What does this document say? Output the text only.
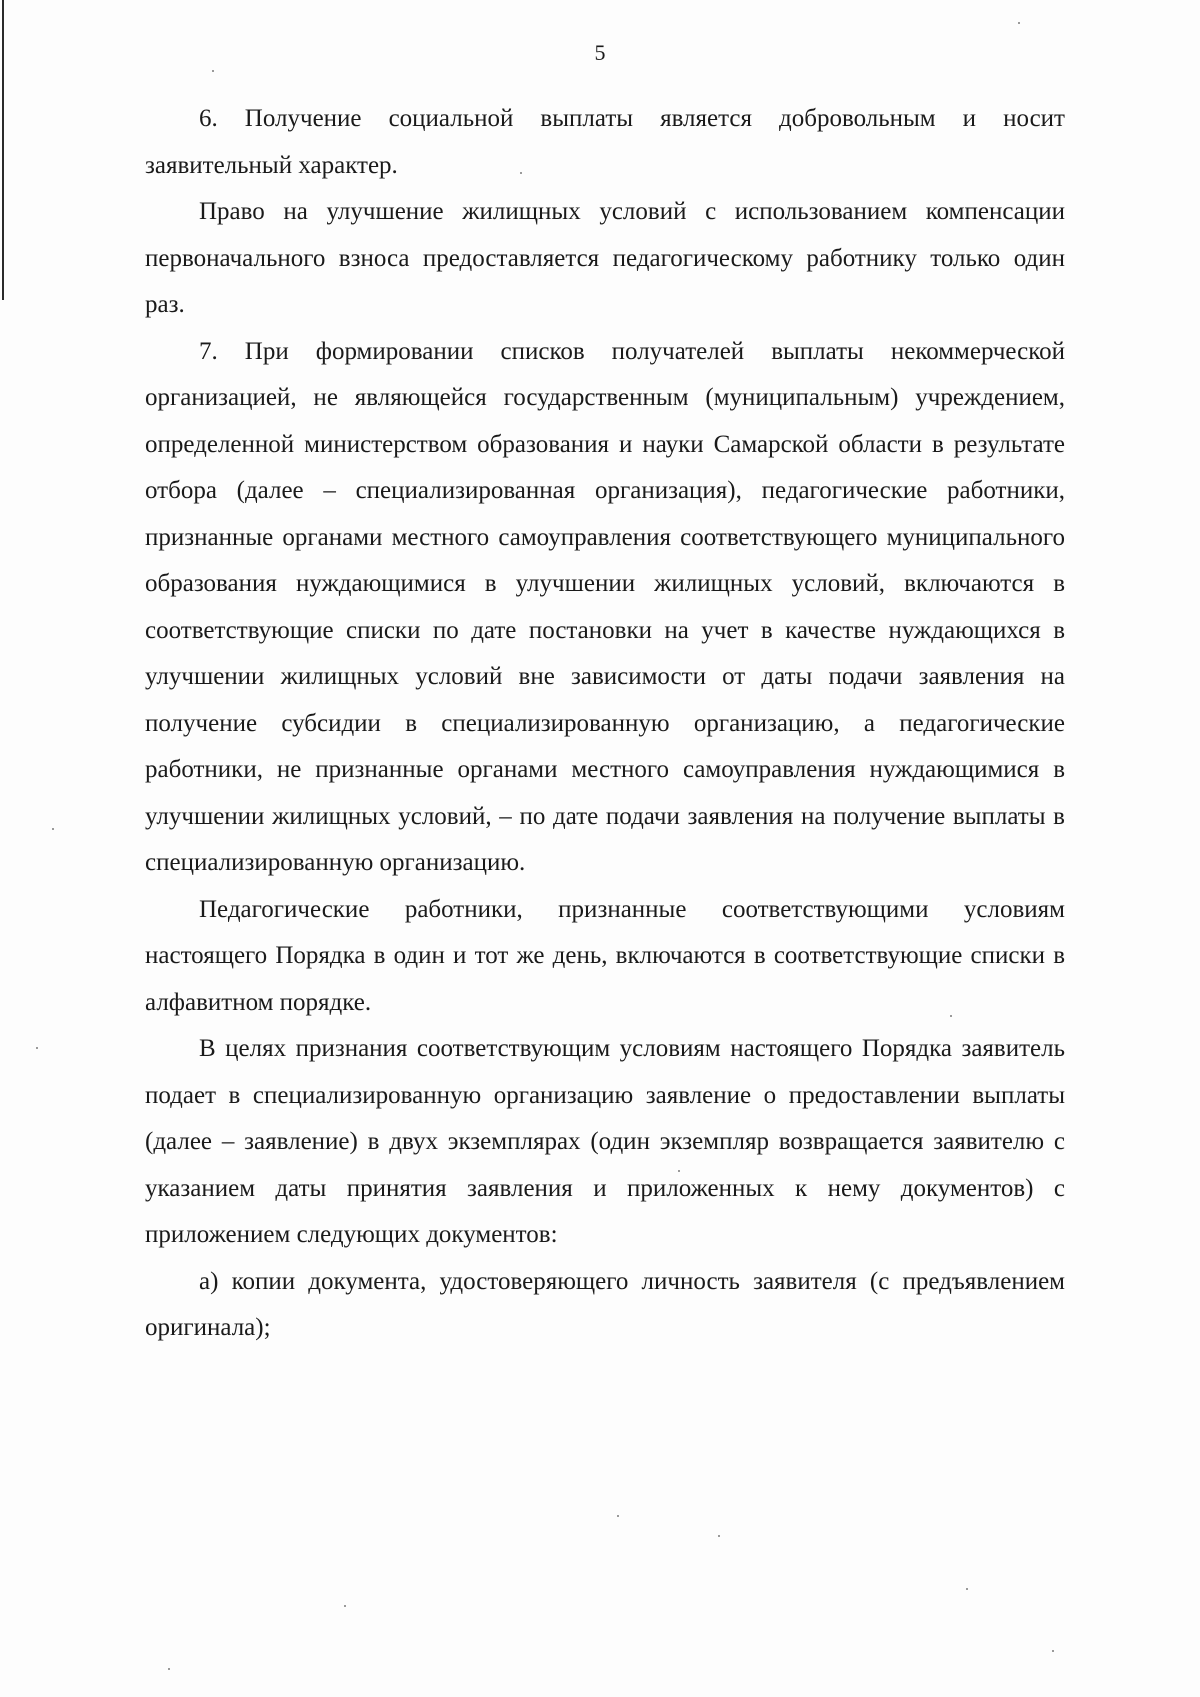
5

6. Получение социальной выплаты является добровольным и носит заявительный характер.

Право на улучшение жилищных условий с использованием компенсации первоначального взноса предоставляется педагогическому работнику только один раз.

7. При формировании списков получателей выплаты некоммерческой организацией, не являющейся государственным (муниципальным) учреждением, определенной министерством образования и науки Самарской области в результате отбора (далее – специализированная организация), педагогические работники, признанные органами местного самоуправления соответствующего муниципального образования нуждающимися в улучшении жилищных условий, включаются в соответствующие списки по дате постановки на учет в качестве нуждающихся в улучшении жилищных условий вне зависимости от даты подачи заявления на получение субсидии в специализированную организацию, а педагогические работники, не признанные органами местного самоуправления нуждающимися в улучшении жилищных условий, – по дате подачи заявления на получение выплаты в специализированную организацию.

Педагогические работники, признанные соответствующими условиям настоящего Порядка в один и тот же день, включаются в соответствующие списки в алфавитном порядке.

В целях признания соответствующим условиям настоящего Порядка заявитель подает в специализированную организацию заявление о предоставлении выплаты (далее – заявление) в двух экземплярах (один экземпляр возвращается заявителю с указанием даты принятия заявления и приложенных к нему документов) с приложением следующих документов:

а) копии документа, удостоверяющего личность заявителя (с предъявлением оригинала);
